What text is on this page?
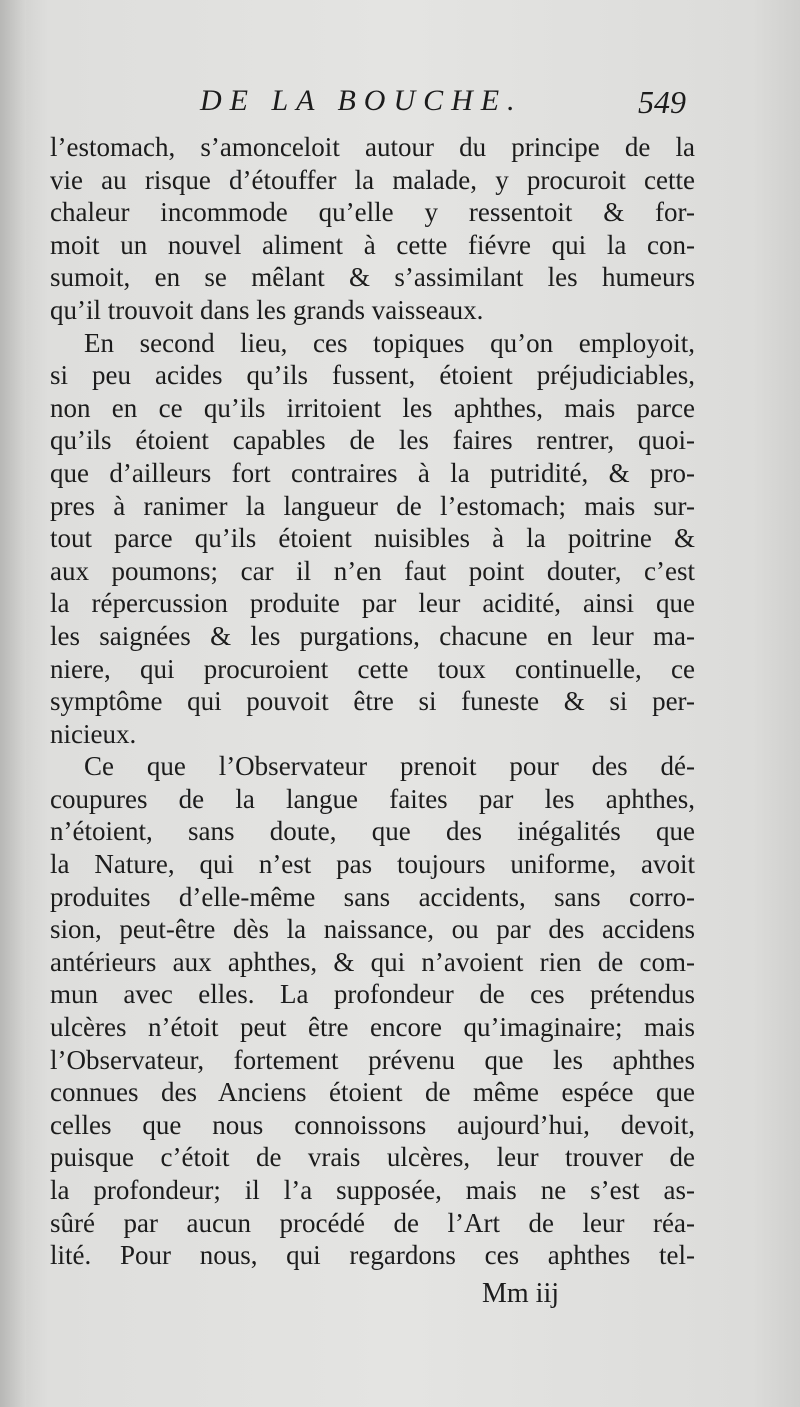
DE LA BOUCHE.	549
l’estomach, s’amonceloit autour du principe de la
vie au risque d’étouffer la malade, y procuroit cette
chaleur incommode qu’elle y ressentoit & for-
moit un nouvel aliment à cette fiévre qui la con-
sumoit, en se mêlant & s’assimilant les humeurs
qu’il trouvoit dans les grands vaisseaux.
En second lieu, ces topiques qu’on employoit,
si peu acides qu’ils fussent, étoient préjudiciables,
non en ce qu’ils irritoient les aphthes, mais parce
qu’ils étoient capables de les faires rentrer, quoi-
que d’ailleurs fort contraires à la putridité, & pro-
pres à ranimer la langueur de l’estomach; mais sur-
tout parce qu’ils étoient nuisibles à la poitrine &
aux poumons; car il n’en faut point douter, c’est
la répercussion produite par leur acidité, ainsi que
les saignées & les purgations, chacune en leur ma-
niere, qui procuroient cette toux continuelle, ce
symptôme qui pouvoit être si funeste & si per-
nicieux.
Ce que l’Observateur prenoit pour des dé-
coupures de la langue faites par les aphthes,
n’étoient, sans doute, que des inégalités que
la Nature, qui n’est pas toujours uniforme, avoit
produites d’elle-même sans accidents, sans corro-
sion, peut-être dès la naissance, ou par des accidens
antérieurs aux aphthes, & qui n’avoient rien de com-
mun avec elles. La profondeur de ces prétendus
ulcères n’étoit peut être encore qu’imaginaire; mais
l’Observateur, fortement prévenu que les aphthes
connues des Anciens étoient de même espéce que
celles que nous connoissons aujourd’hui, devoit,
puisque c’étoit de vrais ulcères, leur trouver de
la profondeur; il l’a supposée, mais ne s’est as-
sûré par aucun procédé de l’Art de leur réa-
lité. Pour nous, qui regardons ces aphthes tel-
Mm iij
